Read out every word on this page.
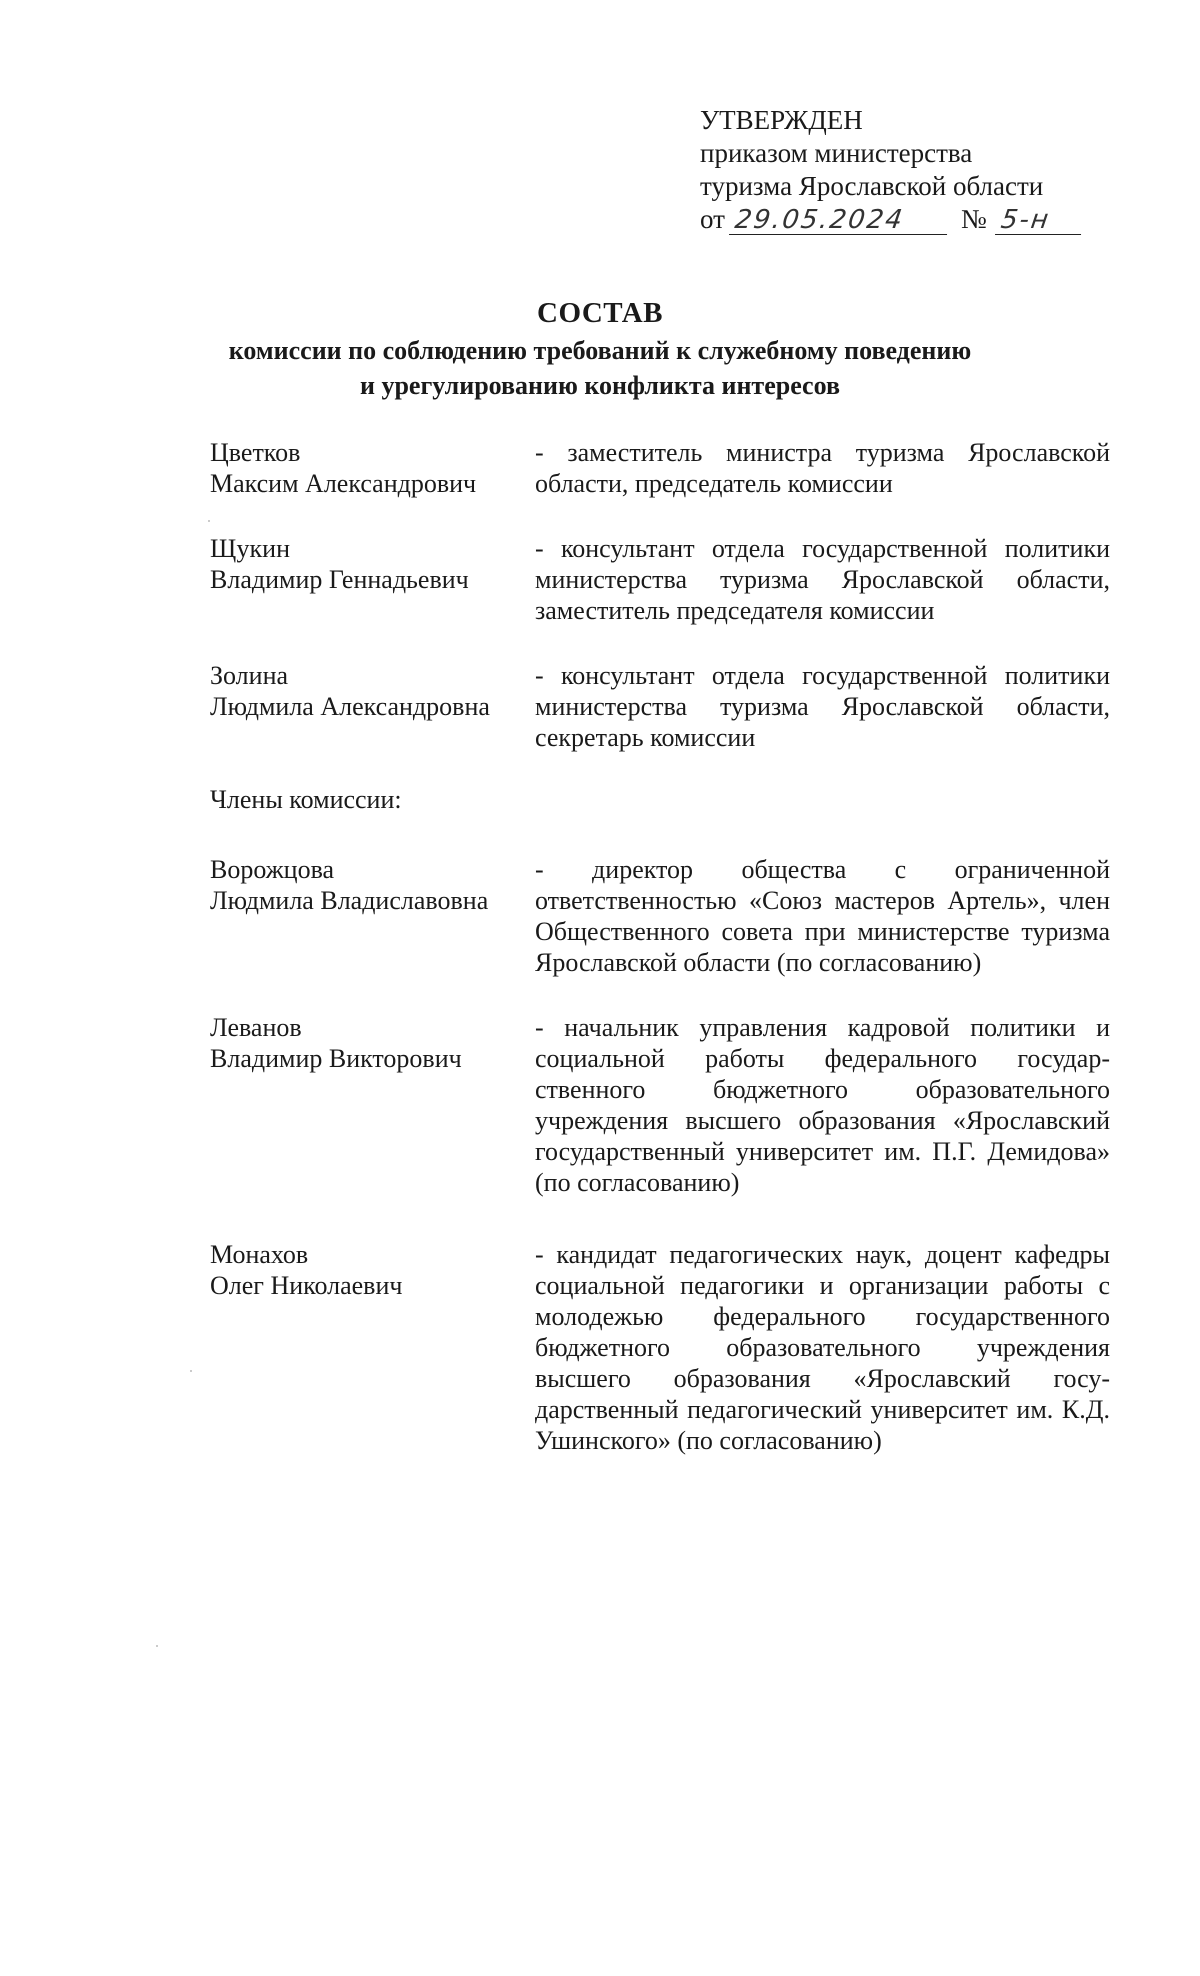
УТВЕРЖДЕН
приказом министерства
туризма Ярославской области
от 29.05.2024	№ 5-н
СОСТАВ
комиссии по соблюдению требований к служебному поведению
и урегулированию конфликта интересов
Цветков
Максим Александрович
- заместитель министра туризма Ярославской области, председатель комиссии
Щукин
Владимир Геннадьевич
- консультант отдела государственной политики министерства туризма Ярославской области, заместитель председателя комиссии
Золина
Людмила Александровна
- консультант отдела государственной политики министерства туризма Ярославской области, секретарь комиссии
Члены комиссии:
Ворожцова
Людмила Владиславовна
- директор общества с ограниченной ответственностью «Союз мастеров Артель», член Общественного совета при министерстве туризма Ярославской области (по согласованию)
Леванов
Владимир Викторович
- начальник управления кадровой политики и социальной работы федерального государственного бюджетного образовательного учреждения высшего образования «Ярославский государственный университет им. П.Г. Демидова» (по согласованию)
Монахов
Олег Николаевич
- кандидат педагогических наук, доцент кафедры социальной педагогики и организации работы с молодежью федерального государственного бюджетного образовательного учреждения высшего образования «Ярославский государственный педагогический университет им. К.Д. Ушинского» (по согласованию)
